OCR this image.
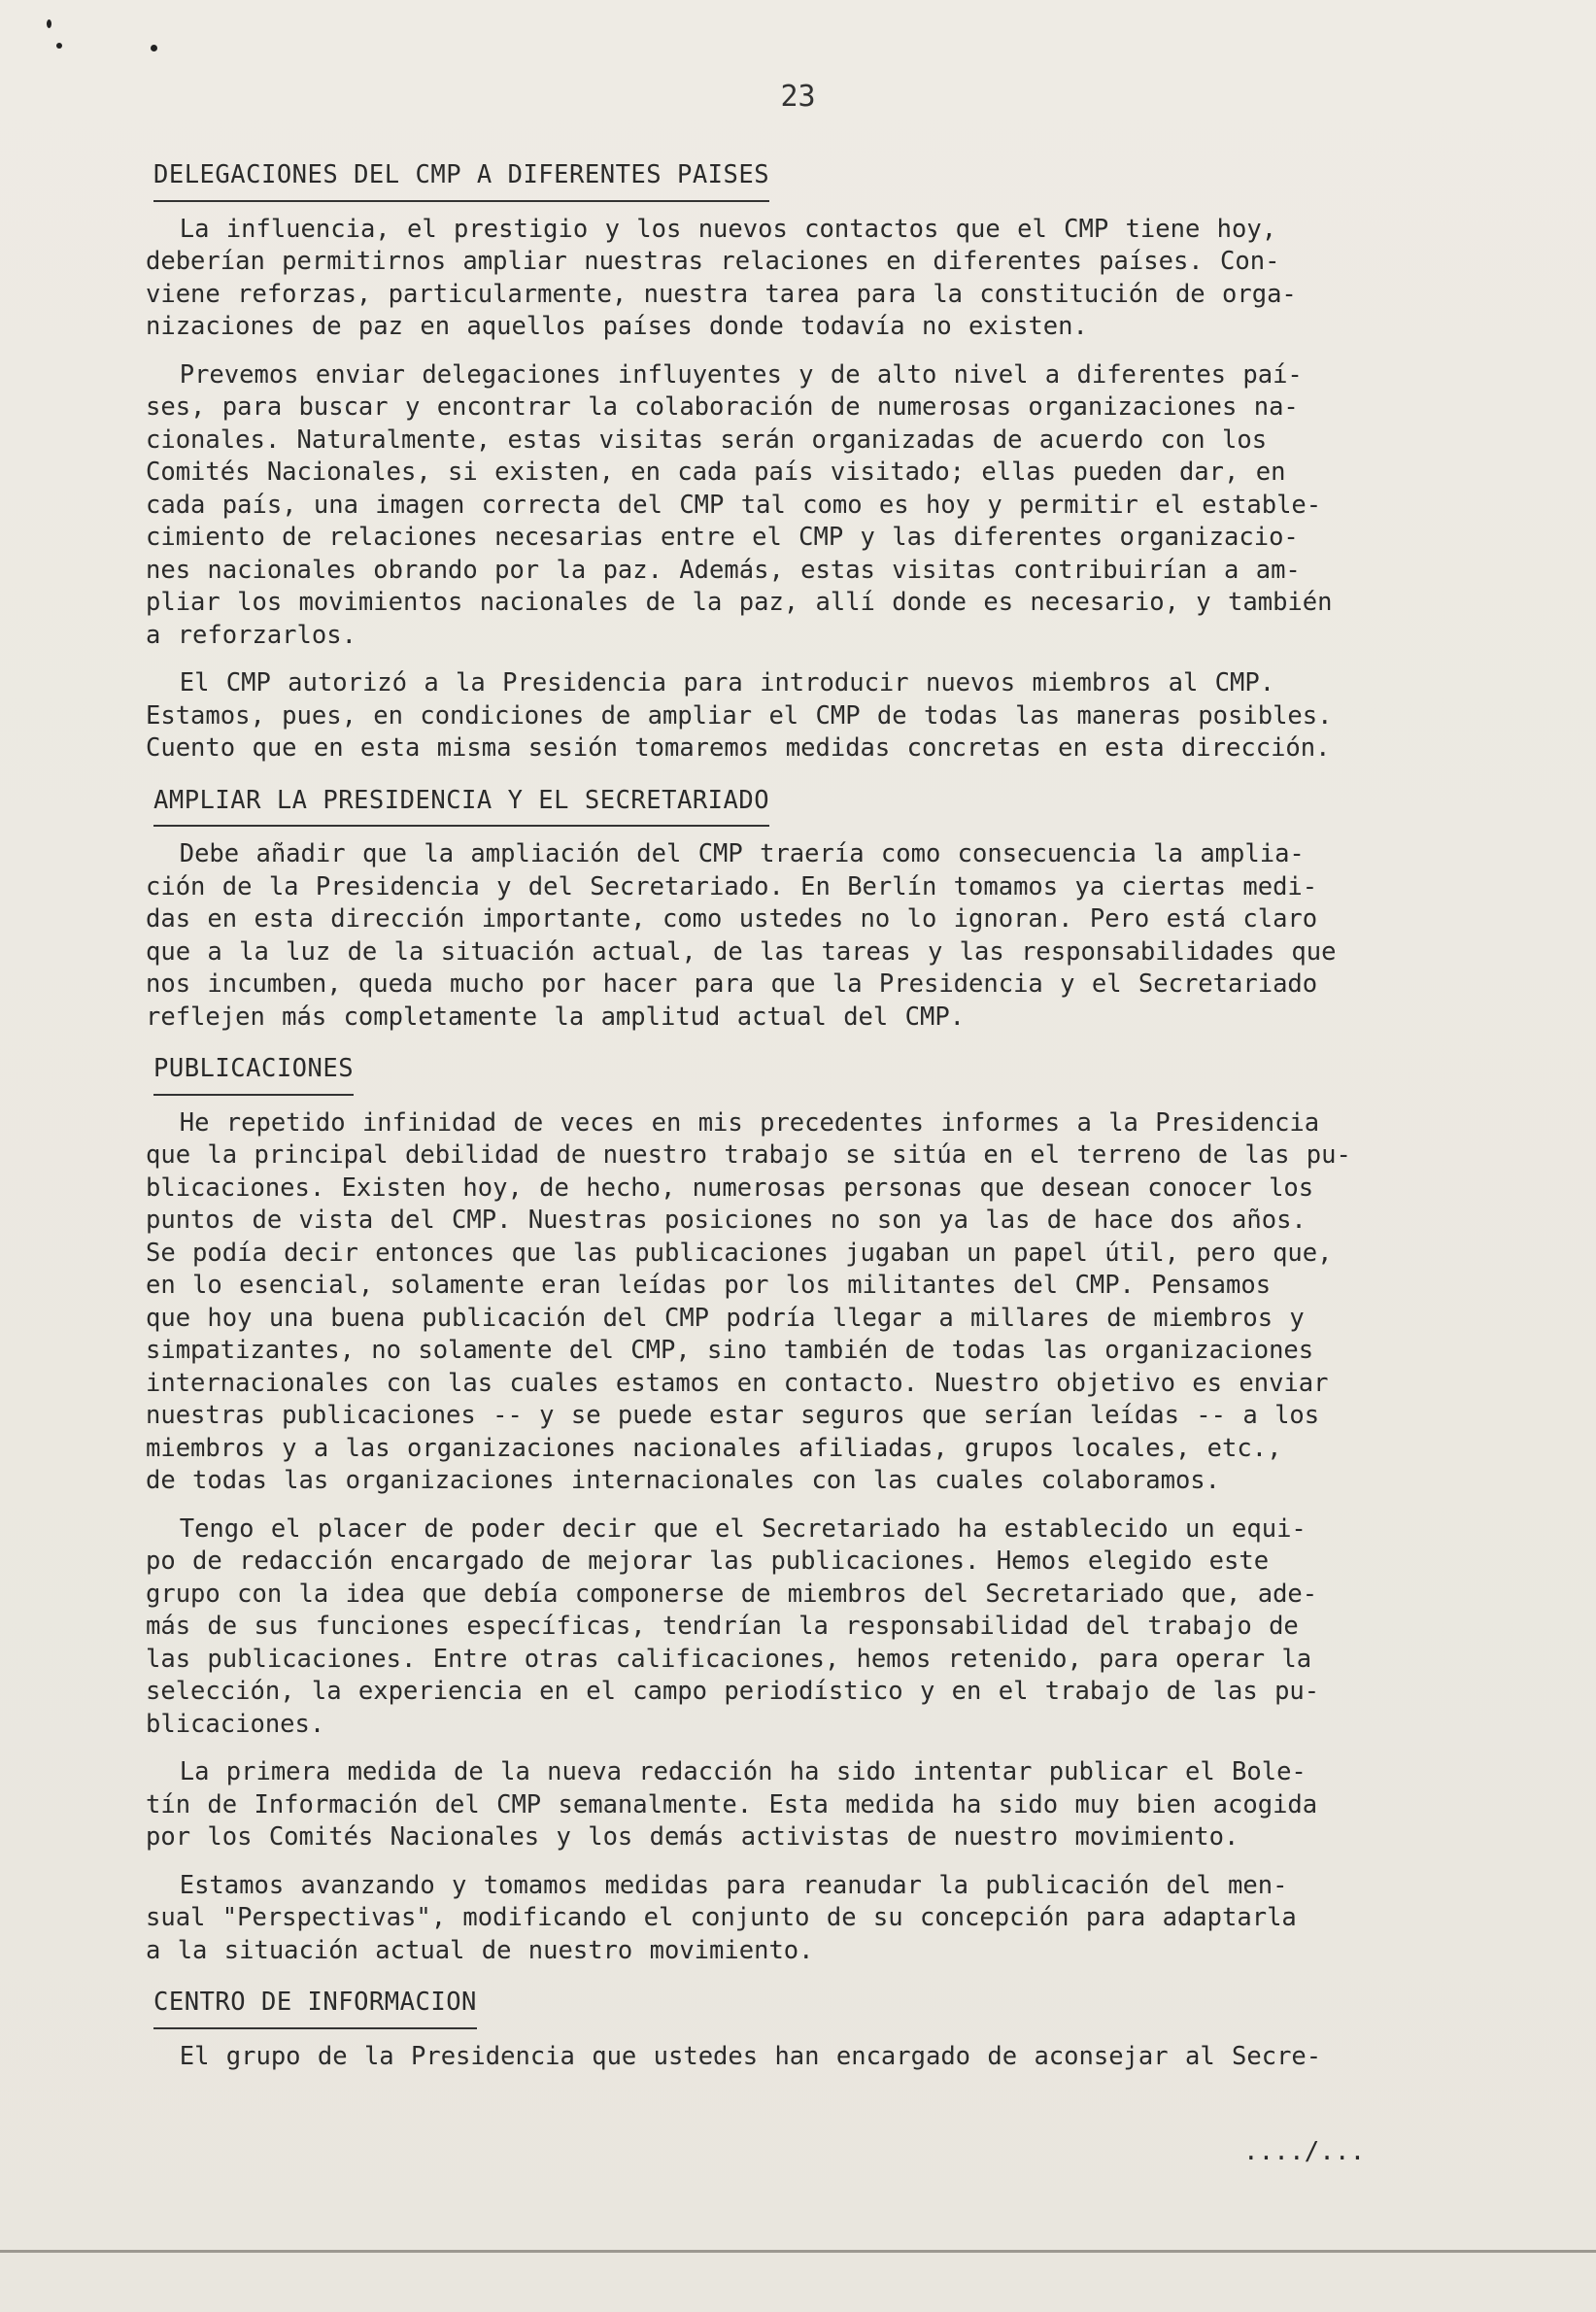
23
DELEGACIONES DEL CMP A DIFERENTES PAISES

La influencia, el prestigio y los nuevos contactos que el CMP tiene hoy,
deberían permitirnos ampliar nuestras relaciones en diferentes países. Con-
viene reforzas, particularmente, nuestra tarea para la constitución de orga-
nizaciones de paz en aquellos países donde todavía no existen.

Prevemos enviar delegaciones influyentes y de alto nivel a diferentes paí-
ses, para buscar y encontrar la colaboración de numerosas organizaciones na-
cionales. Naturalmente, estas visitas serán organizadas de acuerdo con los
Comités Nacionales, si existen, en cada país visitado; ellas pueden dar, en
cada país, una imagen correcta del CMP tal como es hoy y permitir el estable-
cimiento de relaciones necesarias entre el CMP y las diferentes organizacio-
nes nacionales obrando por la paz. Además, estas visitas contribuirían a am-
pliar los movimientos nacionales de la paz, allí donde es necesario, y también
a reforzarlos.

El CMP autorizó a la Presidencia para introducir nuevos miembros al CMP.
Estamos, pues, en condiciones de ampliar el CMP de todas las maneras posibles.
Cuento que en esta misma sesión tomaremos medidas concretas en esta dirección.

AMPLIAR LA PRESIDENCIA Y EL SECRETARIADO

Debe añadir que la ampliación del CMP traería como consecuencia la amplia-
ción de la Presidencia y del Secretariado. En Berlín tomamos ya ciertas medi-
das en esta dirección importante, como ustedes no lo ignoran. Pero está claro
que a la luz de la situación actual, de las tareas y las responsabilidades que
nos incumben, queda mucho por hacer para que la Presidencia y el Secretariado
reflejen más completamente la amplitud actual del CMP.

PUBLICACIONES

He repetido infinidad de veces en mis precedentes informes a la Presidencia
que la principal debilidad de nuestro trabajo se sitúa en el terreno de las pu-
blicaciones. Existen hoy, de hecho, numerosas personas que desean conocer los
puntos de vista del CMP. Nuestras posiciones no son ya las de hace dos años.
Se podía decir entonces que las publicaciones jugaban un papel útil, pero que,
en lo esencial, solamente eran leídas por los militantes del CMP. Pensamos
que hoy una buena publicación del CMP podría llegar a millares de miembros y
simpatizantes, no solamente del CMP, sino también de todas las organizaciones
internacionales con las cuales estamos en contacto. Nuestro objetivo es enviar
nuestras publicaciones -- y se puede estar seguros que serían leídas -- a los
miembros y a las organizaciones nacionales afiliadas, grupos locales, etc.,
de todas las organizaciones internacionales con las cuales colaboramos.

Tengo el placer de poder decir que el Secretariado ha establecido un equi-
po de redacción encargado de mejorar las publicaciones. Hemos elegido este
grupo con la idea que debía componerse de miembros del Secretariado que, ade-
más de sus funciones específicas, tendrían la responsabilidad del trabajo de
las publicaciones. Entre otras calificaciones, hemos retenido, para operar la
selección, la experiencia en el campo periodístico y en el trabajo de las pu-
blicaciones.

La primera medida de la nueva redacción ha sido intentar publicar el Bole-
tín de Información del CMP semanalmente. Esta medida ha sido muy bien acogida
por los Comités Nacionales y los demás activistas de nuestro movimiento.

Estamos avanzando y tomamos medidas para reanudar la publicación del men-
sual "Perspectivas", modificando el conjunto de su concepción para adaptarla
a la situación actual de nuestro movimiento.

CENTRO DE INFORMACION

El grupo de la Presidencia que ustedes han encargado de aconsejar al Secre-

..../...
